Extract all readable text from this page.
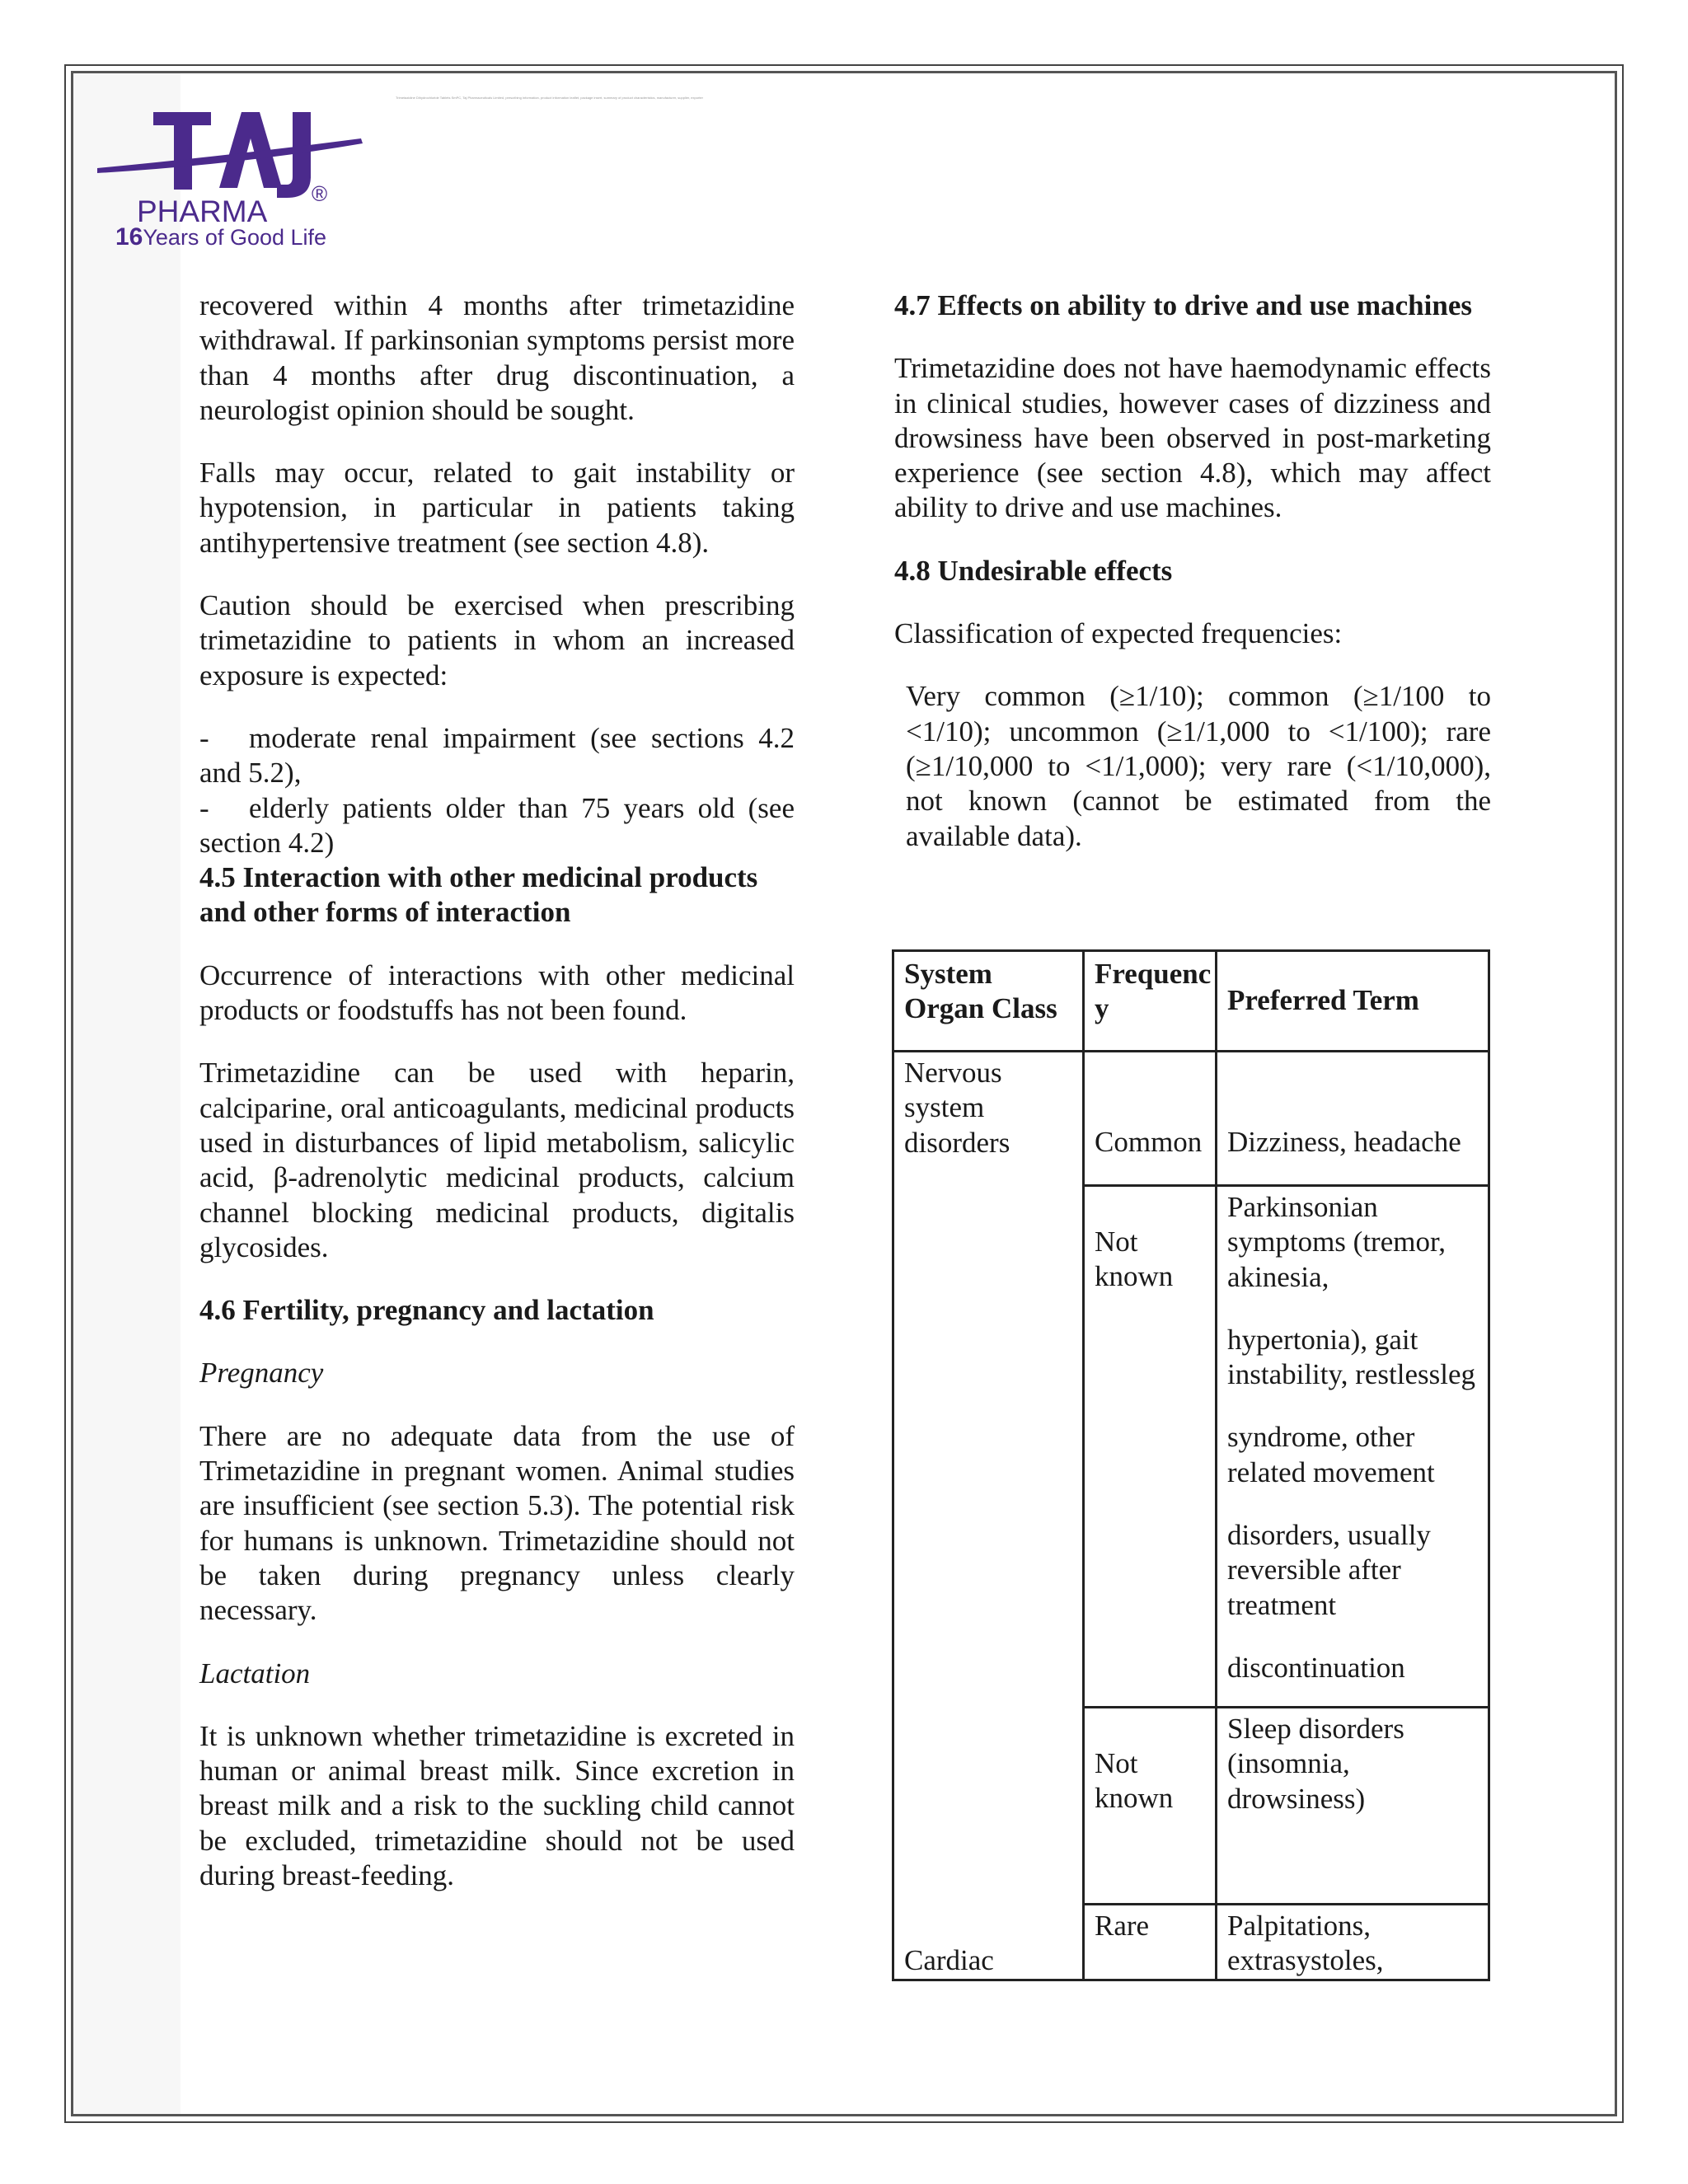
Trimetazidine Dihydrochloride Tablets SmPC, Taj Pharmaceuticals Limited, prescribing information, product information leaflet, package insert, summary of product characteristics, manufacturer, supplier, exporter
®
PHARMA
16Years of Good Life

recovered within 4 months after trimetazidine withdrawal. If parkinsonian symptoms persist more than 4 months after drug discontinuation, a neurologist opinion should be sought.

Falls may occur, related to gait instability or hypotension, in particular in patients taking antihypertensive treatment (see section 4.8).

Caution should be exercised when prescribing trimetazidine to patients in whom an increased exposure is expected:

- moderate renal impairment (see sections 4.2 and 5.2),

- elderly patients older than 75 years old (see section 4.2)

4.5 Interaction with other medicinal products and other forms of interaction

Occurrence of interactions with other medicinal products or foodstuffs has not been found.

Trimetazidine can be used with heparin, calciparine, oral anticoagulants, medicinal products used in disturbances of lipid metabolism, salicylic acid, β-adrenolytic medicinal products, calcium channel blocking medicinal products, digitalis glycosides.

4.6 Fertility, pregnancy and lactation

Pregnancy

There are no adequate data from the use of Trimetazidine in pregnant women. Animal studies are insufficient (see section 5.3). The potential risk for humans is unknown. Trimetazidine should not be taken during pregnancy unless clearly necessary.

Lactation

It is unknown whether trimetazidine is excreted in human or animal breast milk. Since excretion in breast milk and a risk to the suckling child cannot be excluded, trimetazidine should not be used during breast-feeding.

4.7 Effects on ability to drive and use machines

Trimetazidine does not have haemodynamic effects in clinical studies, however cases of dizziness and drowsiness have been observed in post-marketing experience (see section 4.8), which may affect ability to drive and use machines.

4.8 Undesirable effects

Classification of expected frequencies:

Very common (≥1/10); common (≥1/100 to <1/10); uncommon (≥1/1,000 to <1/100); rare (≥1/10,000 to <1/1,000); very rare (<1/10,000), not known (cannot be estimated from the available data).

System Organ Class	Frequenc y	Preferred Term
Nervous system disorders	Common	Dizziness, headache
	Not known	Parkinsonian symptoms (tremor, akinesia,
hypertonia), gait instability, restlessleg
syndrome, other related movement
disorders, usually reversible after treatment
discontinuation

	Not known	Sleep disorders (insomnia, drowsiness)
Cardiac	Rare	Palpitations, extrasystoles,
